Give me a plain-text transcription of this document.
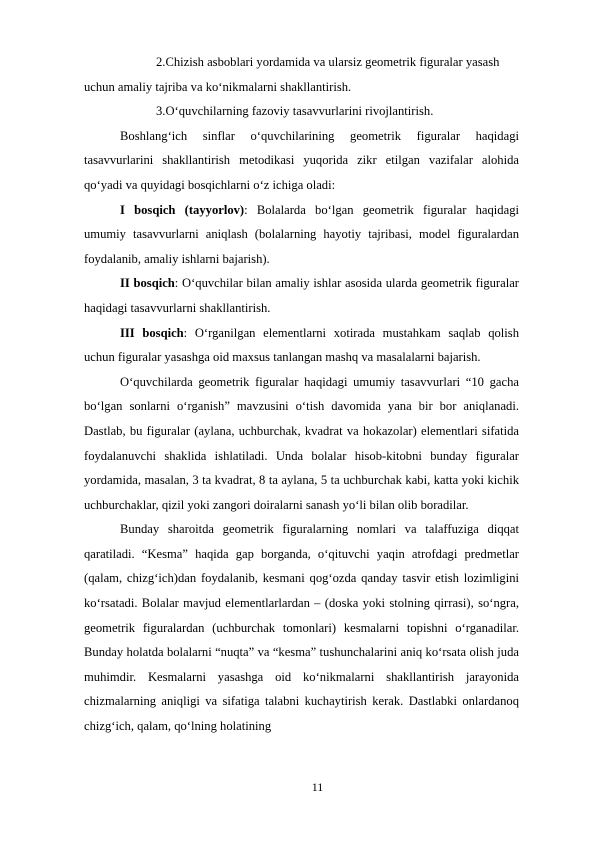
2.Chizish asboblari yordamida va ularsiz geometrik figuralar yasash uchun amaliy tajriba va ko‘nikmalarni shakllantirish.

3.O‘quvchilarning fazoviy tasavvurlarini rivojlantirish.

Boshlang‘ich sinflar o‘quvchilarining geometrik figuralar haqidagi tasavvurlarini shakllantirish metodikasi yuqorida zikr etilgan vazifalar alohida qo‘yadi va quyidagi bosqichlarni o‘z ichiga oladi:

I bosqich (tayyorlov): Bolalarda bo‘lgan geometrik figuralar haqidagi umumiy tasavvurlarni aniqlash (bolalarning hayotiy tajribasi, model figuralardan foydalanib, amaliy ishlarni bajarish).

II bosqich: O‘quvchilar bilan amaliy ishlar asosida ularda geometrik figuralar haqidagi tasavvurlarni shakllantirish.

III bosqich: O‘rganilgan elementlarni xotirada mustahkam saqlab qolish uchun figuralar yasashga oid maxsus tanlangan mashq va masalalarni bajarish.

O‘quvchilarda geometrik figuralar haqidagi umumiy tasavvurlari “10 gacha bo‘lgan sonlarni o‘rganish” mavzusini o‘tish davomida yana bir bor aniqlanadi. Dastlab, bu figuralar (aylana, uchburchak, kvadrat va hokazolar) elementlari sifatida foydalanuvchi shaklida ishlatiladi. Unda bolalar hisob-kitobni bunday figuralar yordamida, masalan, 3 ta kvadrat, 8 ta aylana, 5 ta uchburchak kabi, katta yoki kichik uchburchaklar, qizil yoki zangori doiralarni sanash yo‘li bilan olib boradilar.

Bunday sharoitda geometrik figuralarning nomlari va talaffuziga diqqat qaratiladi. “Kesma” haqida gap borganda, o‘qituvchi yaqin atrofdagi predmetlar (qalam, chizg‘ich)dan foydalanib, kesmani qog‘ozda qanday tasvir etish lozimligini ko‘rsatadi. Bolalar mavjud elementlarlardan – (doska yoki stolning qirrasi), so‘ngra, geometrik figuralardan (uchburchak tomonlari) kesmalarni topishni o‘rganadilar. Bunday holatda bolalarni “nuqta” va “kesma” tushunchalarini aniq ko‘rsata olish juda muhimdir. Kesmalarni yasashga oid ko‘nikmalarni shakllantirish jarayonida chizmalarning aniqligi va sifatiga talabni kuchaytirish kerak. Dastlabki onlardanoq chizg‘ich, qalam, qo‘lning holatining

11
